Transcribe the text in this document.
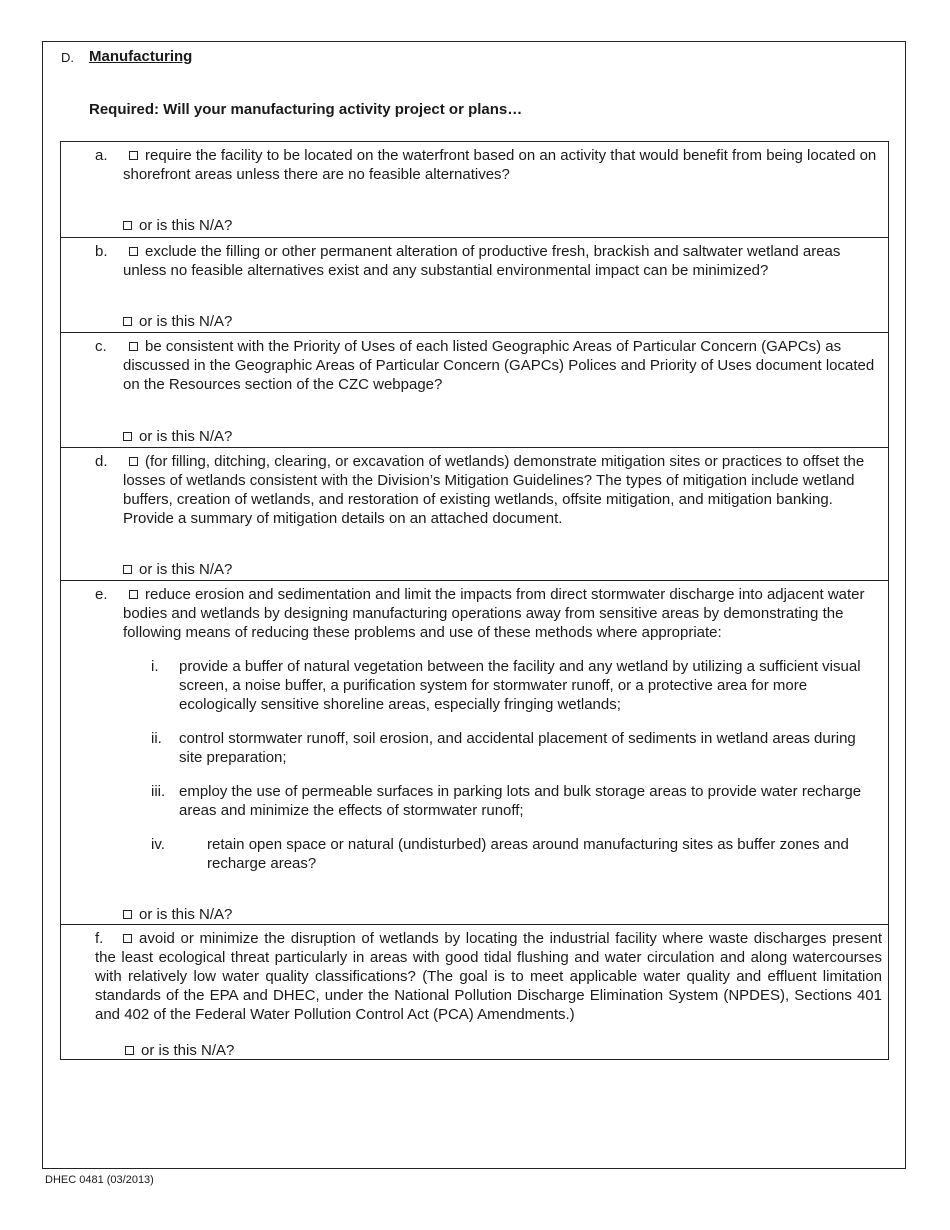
D. Manufacturing
Required: Will your manufacturing activity project or plans…
a.	require the facility to be located on the waterfront based on an activity that would benefit from being located on shorefront areas unless there are no feasible alternatives?
or is this N/A?
b.	exclude the filling or other permanent alteration of productive fresh, brackish and saltwater wetland areas unless no feasible alternatives exist and any substantial environmental impact can be minimized?
or is this N/A?
c.	be consistent with the Priority of Uses of each listed Geographic Areas of Particular Concern (GAPCs) as discussed in the Geographic Areas of Particular Concern (GAPCs) Polices and Priority of Uses document located on the Resources section of the CZC webpage?
or is this N/A?
d.	(for filling, ditching, clearing, or excavation of wetlands) demonstrate mitigation sites or practices to offset the losses of wetlands consistent with the Division’s Mitigation Guidelines? The types of mitigation include wetland buffers, creation of wetlands, and restoration of existing wetlands, offsite mitigation, and mitigation banking. Provide a summary of mitigation details on an attached document.
or is this N/A?
e.	reduce erosion and sedimentation and limit the impacts from direct stormwater discharge into adjacent water bodies and wetlands by designing manufacturing operations away from sensitive areas by demonstrating the following means of reducing these problems and use of these methods where appropriate:
i. provide a buffer of natural vegetation between the facility and any wetland by utilizing a sufficient visual screen, a noise buffer, a purification system for stormwater runoff, or a protective area for more ecologically sensitive shoreline areas, especially fringing wetlands;
ii. control stormwater runoff, soil erosion, and accidental placement of sediments in wetland areas during site preparation;
iii. employ the use of permeable surfaces in parking lots and bulk storage areas to provide water recharge areas and minimize the effects of stormwater runoff;
iv.	retain open space or natural (undisturbed) areas around manufacturing sites as buffer zones and recharge areas?
or is this N/A?
f.	avoid or minimize the disruption of wetlands by locating the industrial facility where waste discharges present the least ecological threat particularly in areas with good tidal flushing and water circulation and along watercourses with relatively low water quality classifications? (The goal is to meet applicable water quality and effluent limitation standards of the EPA and DHEC, under the National Pollution Discharge Elimination System (NPDES), Sections 401 and 402 of the Federal Water Pollution Control Act (PCA) Amendments.)
or is this N/A?
DHEC 0481 (03/2013)
